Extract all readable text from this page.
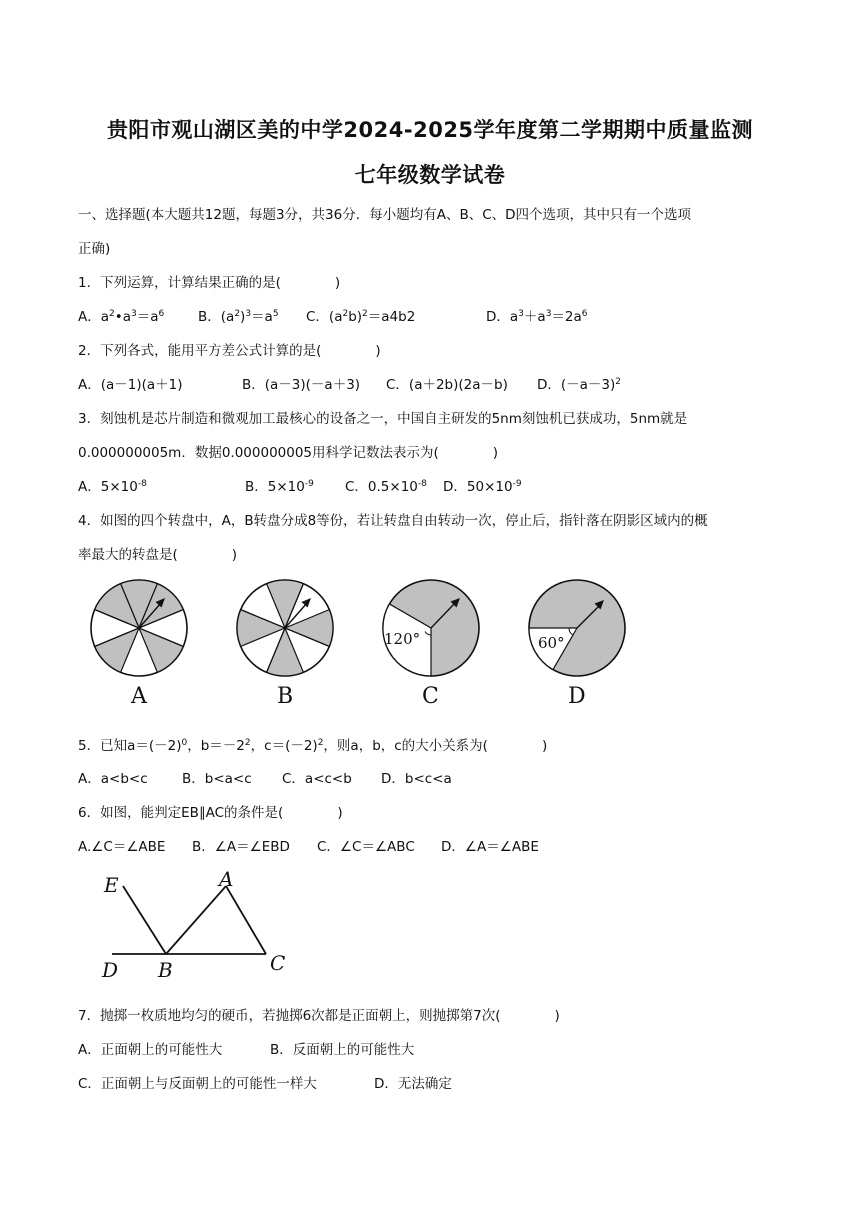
贵阳市观山湖区美的中学2024-2025学年度第二学期期中质量监测
七年级数学试卷
一、选择题(本大题共12题，每题3分，共36分．每小题均有A、B、C、D四个选项，其中只有一个选项
正确)
1．下列运算，计算结果正确的是(　　　　)
A．$a^2•a^3=a^6$	B．$(a^2)^3=a^5$ C．$(a^2b)^2=a4b2$	D．$a^3+a^3=2a^6$
2．下列各式，能用平方差公式计算的是(　　　　)
A．(a－1)(a＋1)	B．(a－3)(－a＋3) C．(a＋2b)(2a－b) D．$(-a-3)^2$
3．刻蚀机是芯片制造和微观加工最核心的设备之一，中国自主研发的5nm刻蚀机已获成功，5nm就是
0.000000005m．数据0.000000005用科学记数法表示为(　　　　)
A．$5\times 10^{-8}$	B．$5\times 10^{-9}$ C．$0.5\times 10^{-8}$ D．$50\times 10^{-9}$
4．如图的四个转盘中，A，B转盘分成8等份，若让转盘自由转动一次，停止后，指针落在阴影区域内的概
率最大的转盘是(　　　　)
120°	60°
A	B	C	D
5．已知$a=(-2)^0$，$b=-2^2$，$c=(-2)^2$，则a，b，c的大小关系为(　　　　)
A．a<b<c	B．b<a<c C．a<c<b D．b<c<a
6．如图，能判定EB∥AC的条件是(　　　　)
A.∠C＝∠ABE B．∠A＝∠EBD C．∠C＝∠ABC D．∠A＝∠ABE
E	A
D B	C
7．抛掷一枚质地均匀的硬币，若抛掷6次都是正面朝上，则抛掷第7次(　　　　)
A．正面朝上的可能性大	B．反面朝上的可能性大
C．正面朝上与反面朝上的可能性一样大	D．无法确定
